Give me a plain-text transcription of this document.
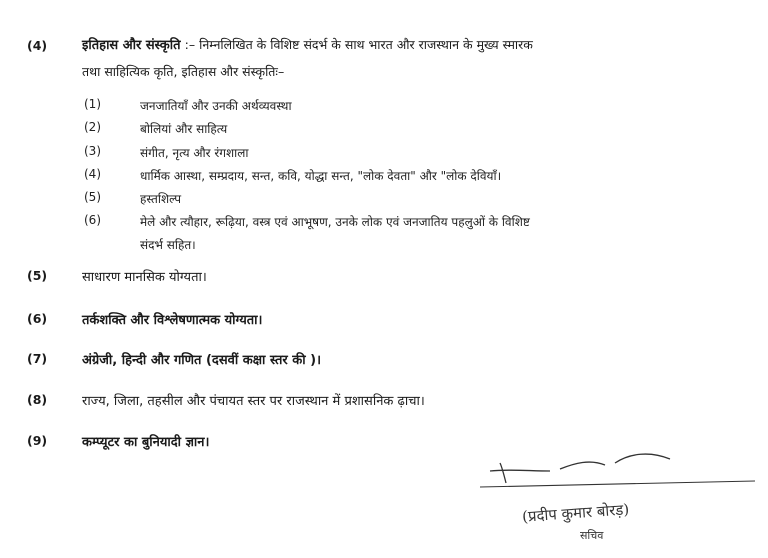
(4)	इतिहास और संस्कृति :– निम्नलिखित के विशिष्ट संदर्भ के साथ भारत और राजस्थान के मुख्य स्मारक
तथा साहित्यिक कृति, इतिहास और संस्कृतिः–
(1)	जनजातियाँ और उनकी अर्थव्यवस्था
(2)	बोलियां और साहित्य
(3)	संगीत, नृत्य और रंगशाला
(4)	धार्मिक आस्था, सम्प्रदाय, सन्त, कवि, योद्धा सन्त, "लोक देवता" और "लोक देवियाँ।
(5)	हस्तशिल्प
(6)	मेले और त्यौहार, रूढ़िया, वस्त्र एवं आभूषण, उनके लोक एवं जनजातिय पहलुओं के विशिष्ट
संदर्भ सहित।
(5)	साधारण मानसिक योग्यता।
(6)	तर्कशक्ति और विश्लेषणात्मक योग्यता।
(7)	अंग्रेजी, हिन्दी और गणित (दसवीं कक्षा स्तर की )।
(8)	राज्य, जिला, तहसील और पंचायत स्तर पर राजस्थान में प्रशासनिक ढ़ाचा।
(9)	कम्प्यूटर का बुनियादी ज्ञान।
(प्रदीप कुमार बोरड़)
सचिव
